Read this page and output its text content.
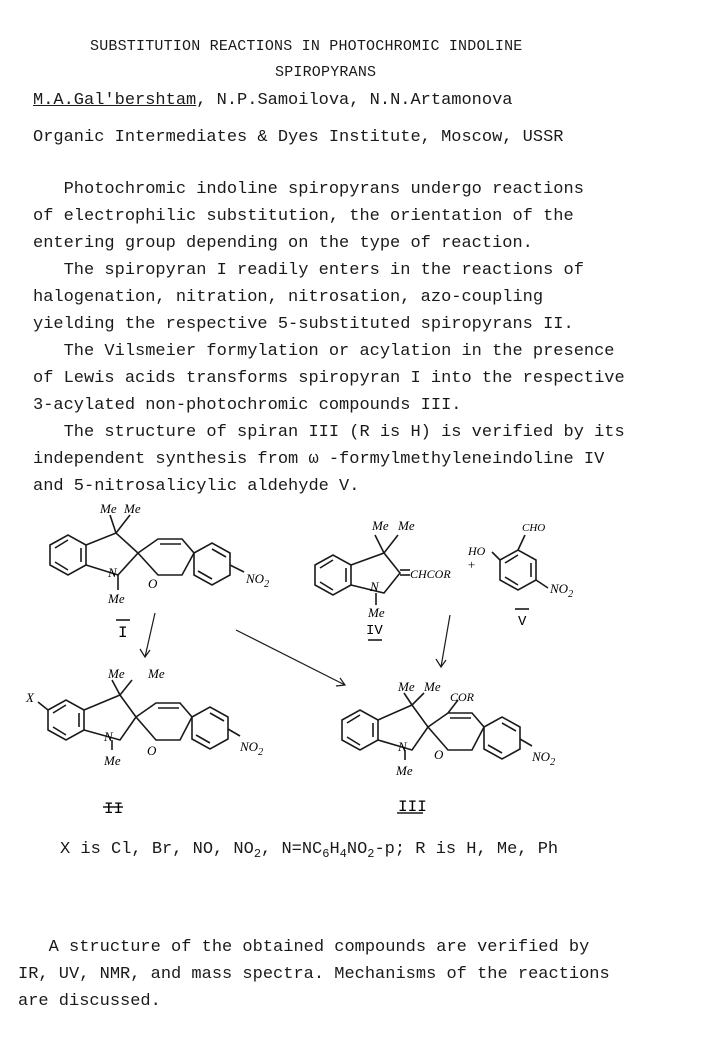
SUBSTITUTION REACTIONS IN PHOTOCHROMIC INDOLINE
SPIROPYRANS
M.A.Gal'bershtam, N.P.Samoilova, N.N.Artamonova
Organic Intermediates & Dyes Institute, Moscow, USSR
Photochromic indoline spiropyrans undergo reactions
of electrophilic substitution, the orientation of the
entering group depending on the type of reaction.
The spiropyran I readily enters in the reactions of
halogenation, nitration, nitrosation, azo-coupling
yielding the respective 5-substituted spiropyrans II.
The Vilsmeier formylation or acylation in the presence
of Lewis acids transforms spiropyran I into the respective
3-acylated non-photochromic compounds III.
The structure of spiran III (R is H) is verified by its
independent synthesis from ω -formylmethyleneindoline IV
and 5-nitrosalicylic aldehyde V.
Me Me
N
Me
O	$NO_2$
I
Me Me
N
CHCOR
Me
IV
+
CHO
HO
$NO_2$
V
Me Me
X
N
O
Me
$NO_2$
II
Me Me
COR
N
O
Me
$NO_2$
III
X is Cl, Br, NO, $NO_2$, $N=NC_6H_4NO_2-p$; R is H, Me, Ph
A structure of the obtained compounds are verified by
IR, UV, NMR, and mass spectra. Mechanisms of the reactions
are discussed.
